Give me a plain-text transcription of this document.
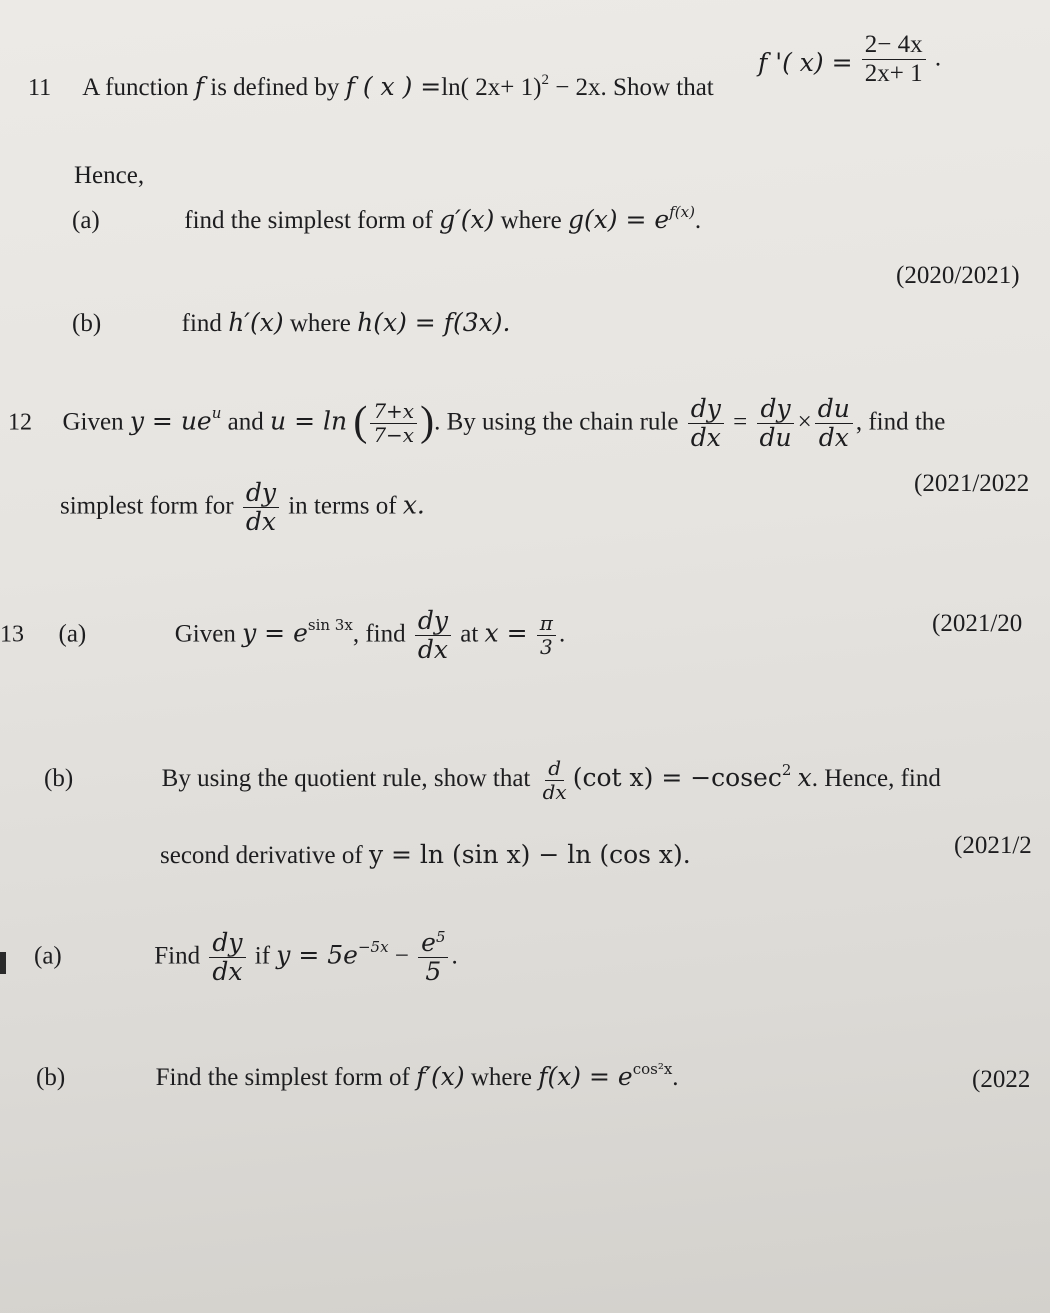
11 A function f is defined by f ( x ) =ln( 2x+ 1)$^2$ − 2x. Show that
f '( $x) = \frac{2- 4x}{2x+ 1}$ .
Hence,
(a)	find the simplest form of g′(x) where $g(x) = e^{f(x)}$.
(2020/2021)
(b)	find h′(x) where h(x) = f(3x).
12 Given $y = ue^u$ and u = ln ( $\frac{7+x}{7-x}$ ). By using the chain rule $\frac{dy}{dx} = \frac{dy}{du} \times \frac{du}{dx}$ , find the
(2021/2022
simplest form for $\frac{dy}{dx}$ in terms of x.
13 (a)	Given $y = e^{sin 3x}$, find $\frac{dy}{dx}$ at $x = \frac{\pi}{3}$ .	(2021/20
(b)	By using the quotient rule, show that $\frac{d}{dx} (\cot$ x) = −cosec$^2$ x. Hence, find
second derivative of y = ln (sin x) − ln (cos x).	(2021/2
(a)	Find $\frac{dy}{dx}$ if $y = 5e^{-5x} - \frac{e^5}{5}$ .
(b)	Find the simplest form of f′(x) where $f(x) = e^{cos^2x}$.	(2022
